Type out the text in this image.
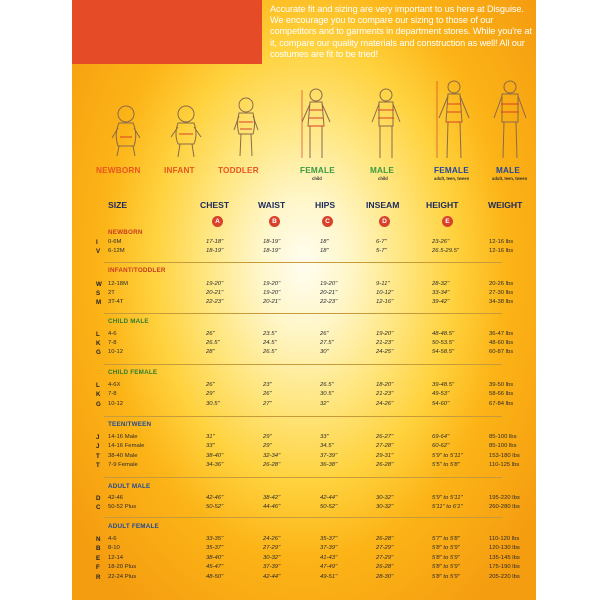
Accurate fit and sizing are very important to us here at Disguise. We encourage you to compare our sizing to those of our competitors and to garments in department stores. While you're at it, compare our quality materials and construction as well! All our costumes are fit to be tried!

NEWBORN	INFANT	TODDLER	FEMALE
child
MALE
child
FEMALE
adult, teen, tween
MALE
adult, teen, tween
SIZE	CHEST	WAIST	HIPS	INSEAM	HEIGHT	WEIGHT
A	B	C	D	E
NEWBORN
I 0-6M	17-18"	18-19"	18"	6-7"	23-26"	12-16 lbs
V 6-12M	18-19"	18-19"	18"	5-7"	26.5-29.5"	12-16 lbs
INFANT/TODDLER
W 12-18M	19-20"	19-20"	19-20"	9-11"	28-32"	20-26 lbs
S 2T	20-21"	19-20"	20-21"	10-12"	33-34"	27-30 lbs
M 3T-4T	22-23"	20-21"	22-23"	12-16"	39-42"	34-38 lbs
CHILD MALE
L 4-6	26"	23.5"	26"	19-20"	48-48.5"	36-47 lbs
K 7-8	26.5"	24.5"	27.5"	21-23"	50-53.5"	48-60 lbs
G 10-12	28"	26.5"	30"	24-25"	54-58.5"	60-87 lbs
CHILD FEMALE
L 4-6X	26"	23"	26.5"	18-20"	39-48.5"	39-50 lbs
K 7-8	29"	26"	30.5"	21-23"	49-53"	58-66 lbs
G 10-12	30.5"	27"	32"	24-26"	54-60"	67-84 lbs
TEEN/TWEEN
J 14-16 Male	31"	29"	33"	26-27"	69-64"	85-100 lbs
J 14-16 Female	33"	29"	34.5"	27-28"	60-62"	85-100 lbs
T 38-40 Male	38-40"	32-34"	37-39"	29-31"	5'9" to 5'11"	153-180 lbs
T 7-9 Female	34-36"	26-28"	36-38"	26-28"	5'5" to 5'8"	110-125 lbs
ADULT MALE
D 42-46	42-46"	38-42"	42-44"	30-32"	5'9" to 5'11"	195-220 lbs
C 50-52 Plus	50-52"	44-46"	50-52"	30-32"	5'11" to 6'1"	260-280 lbs
ADULT FEMALE
N 4-6	33-35"	24-26"	35-37"	26-28"	5'7" to 5'8"	110-120 lbs
B 8-10	35-37"	27-29"	37-39"	27-29"	5'8" to 5'9"	120-130 lbs
E 12-14	38-40"	30-32"	41-43"	27-29"	5'8" to 5'9"	135-145 lbs
F 18-20 Plus	45-47"	37-39"	47-49"	26-28"	5'8" to 5'9"	175-190 lbs
R 22-24 Plus	48-50"	42-44"	49-51"	28-30"	5'8" to 5'9"	205-220 lbs
